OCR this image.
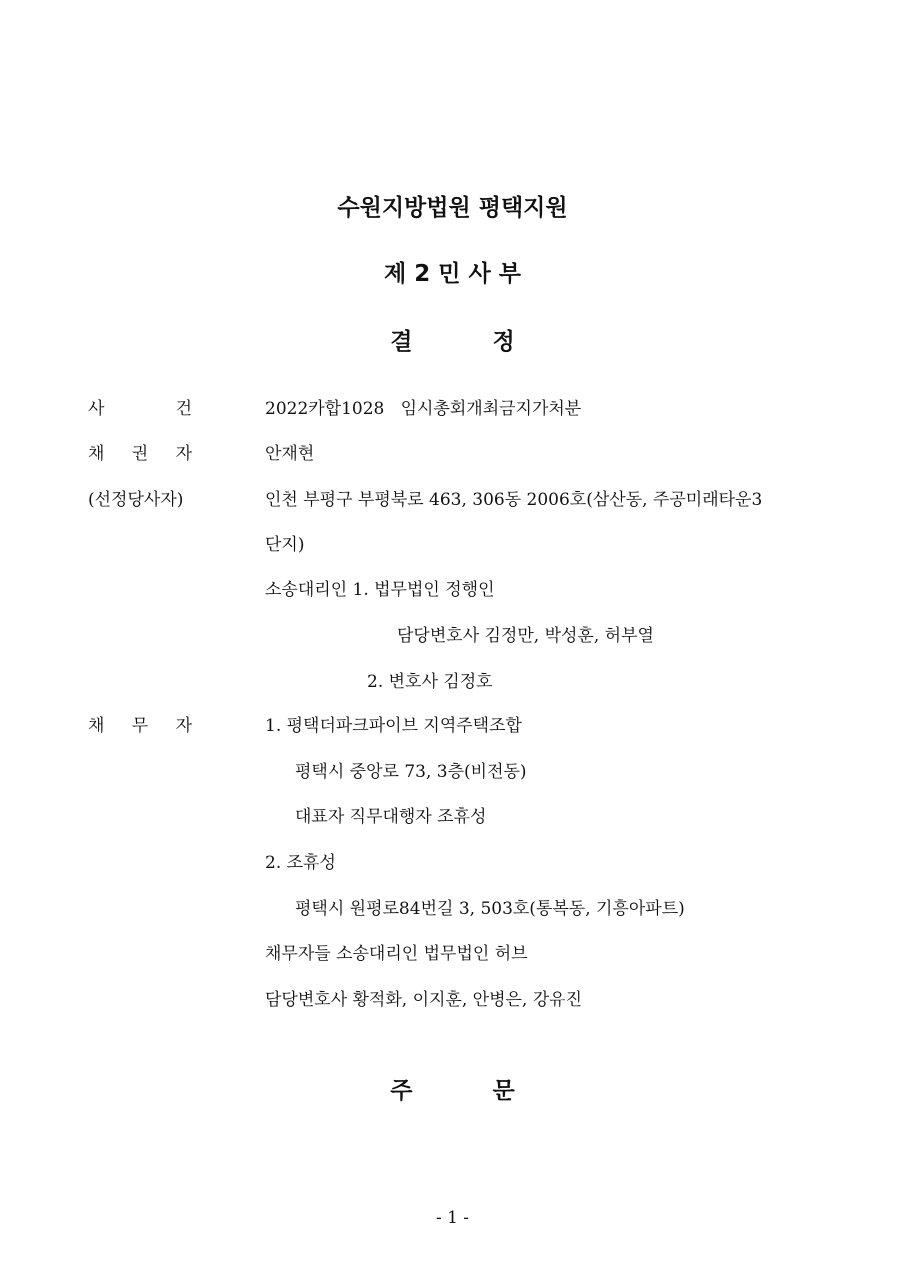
수원지방법원 평택지원
제 2 민 사 부
결          정
사	건	2022카합1028   임시총회개최금지가처분
채 권 자	안재현
(선정당사자)	인천 부평구 부평북로 463, 306동 2006호(삼산동, 주공미래타운3
단지)
소송대리인 1. 법무법인 정행인
담당변호사 김정만, 박성훈, 허부열
2. 변호사 김정호
채 무 자	1. 평택더파크파이브 지역주택조합
평택시 중앙로 73, 3층(비전동)
대표자 직무대행자 조휴성
2. 조휴성
평택시 원평로84번길 3, 503호(통복동, 기흥아파트)
채무자들 소송대리인 법무법인 허브
담당변호사 황적화, 이지훈, 안병은, 강유진
주          문
- 1 -
